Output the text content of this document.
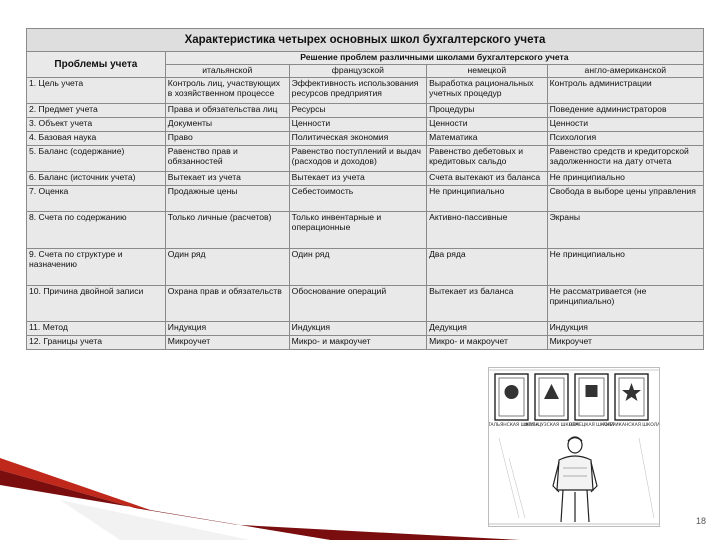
Характеристика четырех основных школ бухгалтерского учета				
Проблемы учета	Решение проблем различными школами бухгалтерского учета			
	итальянской	французской	немецкой	англо-американской
1. Цель учета	Контроль лиц, участвующих в хозяйственном процессе	Эффективность использования ресурсов предприятия	Выработка рациональных учетных процедур	Контроль администрации
2. Предмет учета	Права и обязательства лиц	Ресурсы	Процедуры	Поведение администраторов
3. Объект учета	Документы	Ценности	Ценности	Ценности
4. Базовая наука	Право	Политическая экономия	Математика	Психология
5. Баланс (содержание)	Равенство прав и обязанностей	Равенство поступлений и выдач (расходов и доходов)	Равенство дебетовых и кредитовых сальдо	Равенство средств и кредиторской задолженности на дату отчета
6. Баланс (источник учета)	Вытекает из учета	Вытекает из учета	Счета вытекают из баланса	Не принципиально
7. Оценка	Продажные цены	Себестоимость	Не принципиально	Свобода в выборе цены управления
8. Счета по содержанию	Только личные (расчетов)	Только инвентарные и операционные	Активно-пассивные	Экраны
9. Счета по структуре и назначению	Один ряд	Один ряд	Два ряда	Не принципиально
10. Причина двойной записи	Охрана прав и обязательств	Обоснование операций	Вытекает из баланса	Не рассматривается (не принципиально)
11. Метод	Индукция	Индукция	Дедукция	Индукция
12. Границы учета	Микроучет	Микро- и макроучет	Микро- и макроучет	Микроучет
ИТАЛЬЯНСКАЯ ШКОЛА
ФРАНЦУЗСКАЯ ШКОЛА
НЕМЕЦКАЯ ШКОЛА
АМЕРИКАНСКАЯ ШКОЛА
18
